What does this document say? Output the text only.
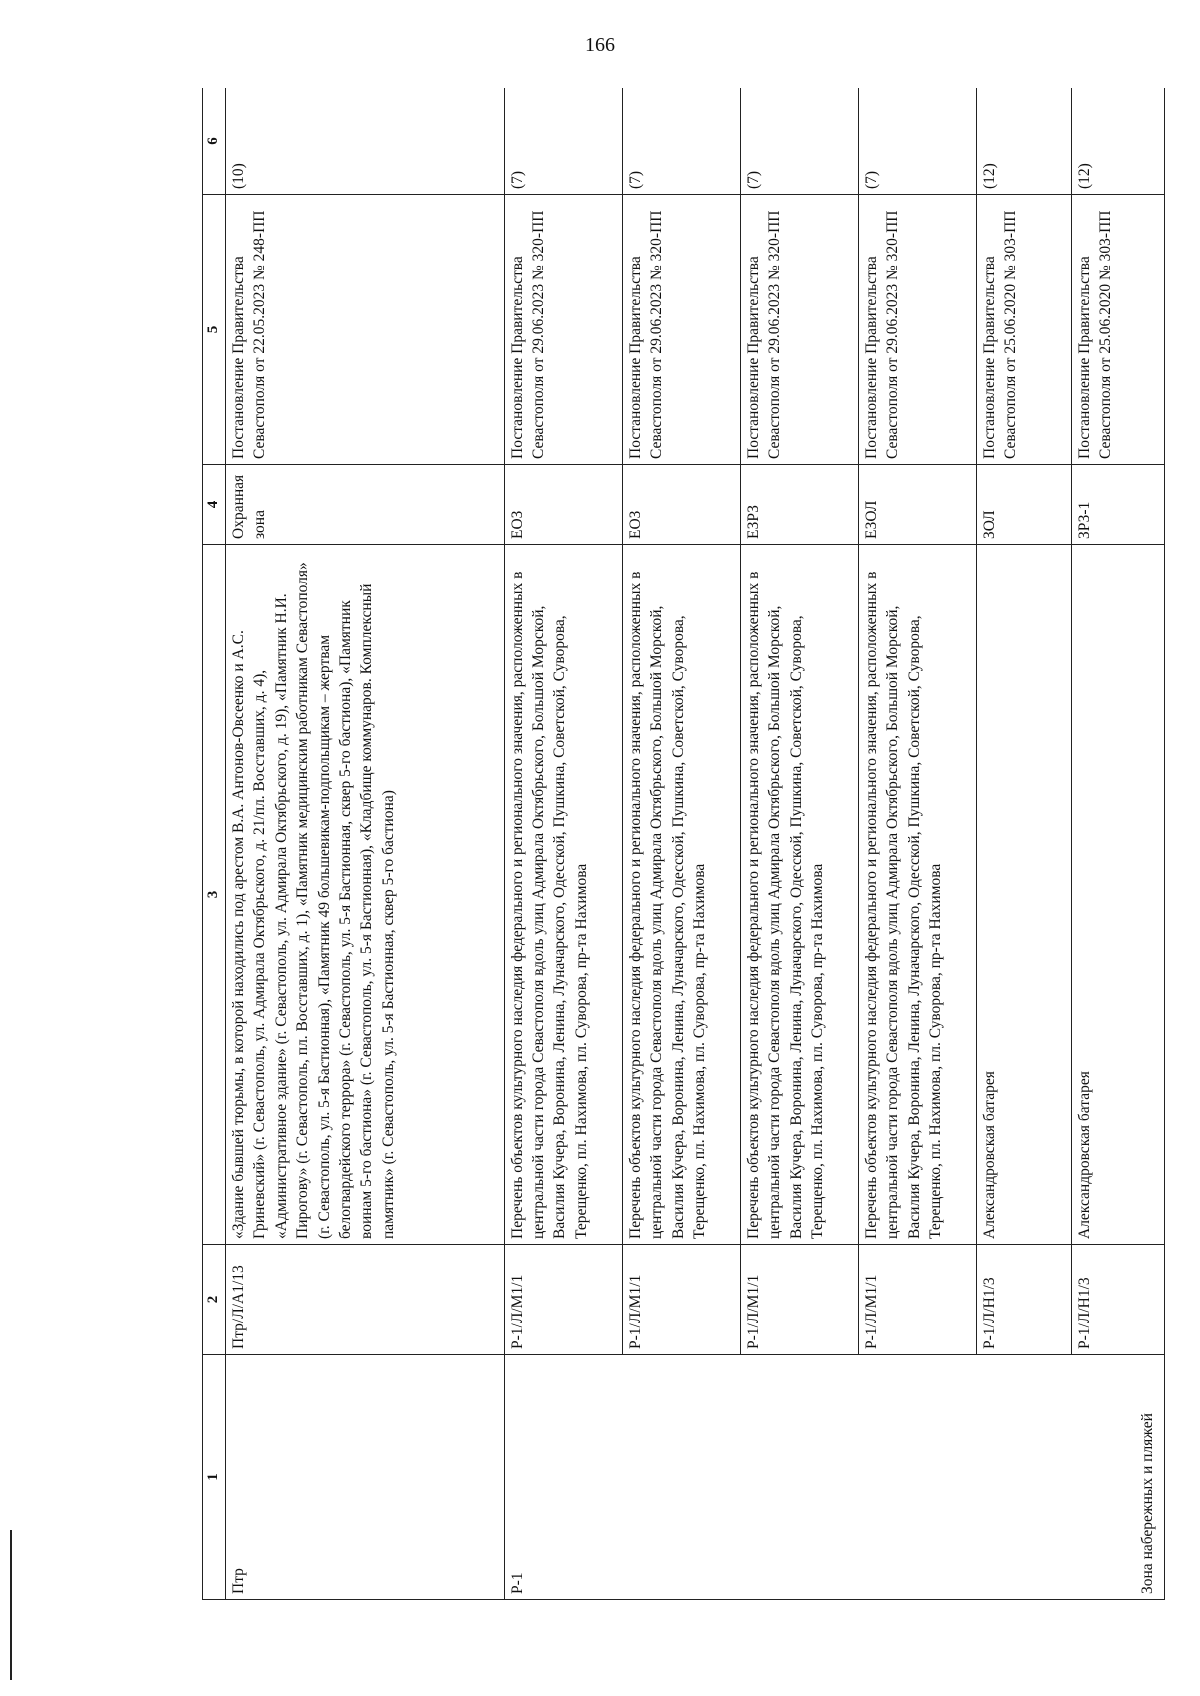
166
1	2	3	4	5	6
Птр	Птр/Л/А1/13	«Здание бывшей тюрьмы, в которой находились под арестом В.А. Антонов-Овсеенко и А.С. Гриневский» (г. Севастополь, ул. Адмирала Октябрьского, д. 21/пл. Восставших, д. 4), «Административное здание» (г. Севастополь, ул. Адмирала Октябрьского, д. 19), «Памятник Н.И. Пирогову» (г. Севастополь, пл. Восставших, д. 1), «Памятник медицинским работникам Севастополя» (г. Севастополь, ул. 5-я Бастионная), «Памятник 49 большевикам-подпольщикам – жертвам белогвардейского террора» (г. Севастополь, ул. 5-я Бастионная, сквер 5-го бастиона), «Памятник воинам 5-го бастиона» (г. Севастополь, ул. 5-я Бастионная), «Кладбище коммунаров. Комплексный памятник» (г. Севастополь, ул. 5-я Бастионная, сквер 5-го бастиона)	Охранная зона	Постановление Правительства Севастополя от 22.05.2023 № 248-ПП	(10)

Р-1 Зона набережных и пляжей	Р-1/Л/М1/1	Перечень объектов культурного наследия федерального и регионального значения, расположенных в центральной части города Севастополя вдоль улиц Адмирала Октябрьского, Большой Морской, Василия Кучера, Воронина, Ленина, Луначарского, Одесской, Пушкина, Советской, Суворова, Терещенко, пл. Нахимова, пл. Суворова, пр-та Нахимова	ЕОЗ	Постановление Правительства Севастополя от 29.06.2023 № 320-ПП	(7)
	Р-1/Л/М1/1	Перечень объектов культурного наследия федерального и регионального значения, расположенных в центральной части города Севастополя вдоль улиц Адмирала Октябрьского, Большой Морской, Василия Кучера, Воронина, Ленина, Луначарского, Одесской, Пушкина, Советской, Суворова, Терещенко, пл. Нахимова, пл. Суворова, пр-та Нахимова	ЕОЗ	Постановление Правительства Севастополя от 29.06.2023 № 320-ПП	(7)
	Р-1/Л/М1/1	Перечень объектов культурного наследия федерального и регионального значения, расположенных в центральной части города Севастополя вдоль улиц Адмирала Октябрьского, Большой Морской, Василия Кучера, Воронина, Ленина, Луначарского, Одесской, Пушкина, Советской, Суворова, Терещенко, пл. Нахимова, пл. Суворова, пр-та Нахимова	ЕЗРЗ	Постановление Правительства Севастополя от 29.06.2023 № 320-ПП	(7)
	Р-1/Л/М1/1	Перечень объектов культурного наследия федерального и регионального значения, расположенных в центральной части города Севастополя вдоль улиц Адмирала Октябрьского, Большой Морской, Василия Кучера, Воронина, Ленина, Луначарского, Одесской, Пушкина, Советской, Суворова, Терещенко, пл. Нахимова, пл. Суворова, пр-та Нахимова	ЕЗОЛ	Постановление Правительства Севастополя от 29.06.2023 № 320-ПП	(7)
	Р-1/Л/Н1/3	Александровская батарея	ЗОЛ	Постановление Правительства Севастополя от 25.06.2020 № 303-ПП	(12)
	Р-1/Л/Н1/3	Александровская батарея	ЗРЗ-1	Постановление Правительства Севастополя от 25.06.2020 № 303-ПП	(12)
